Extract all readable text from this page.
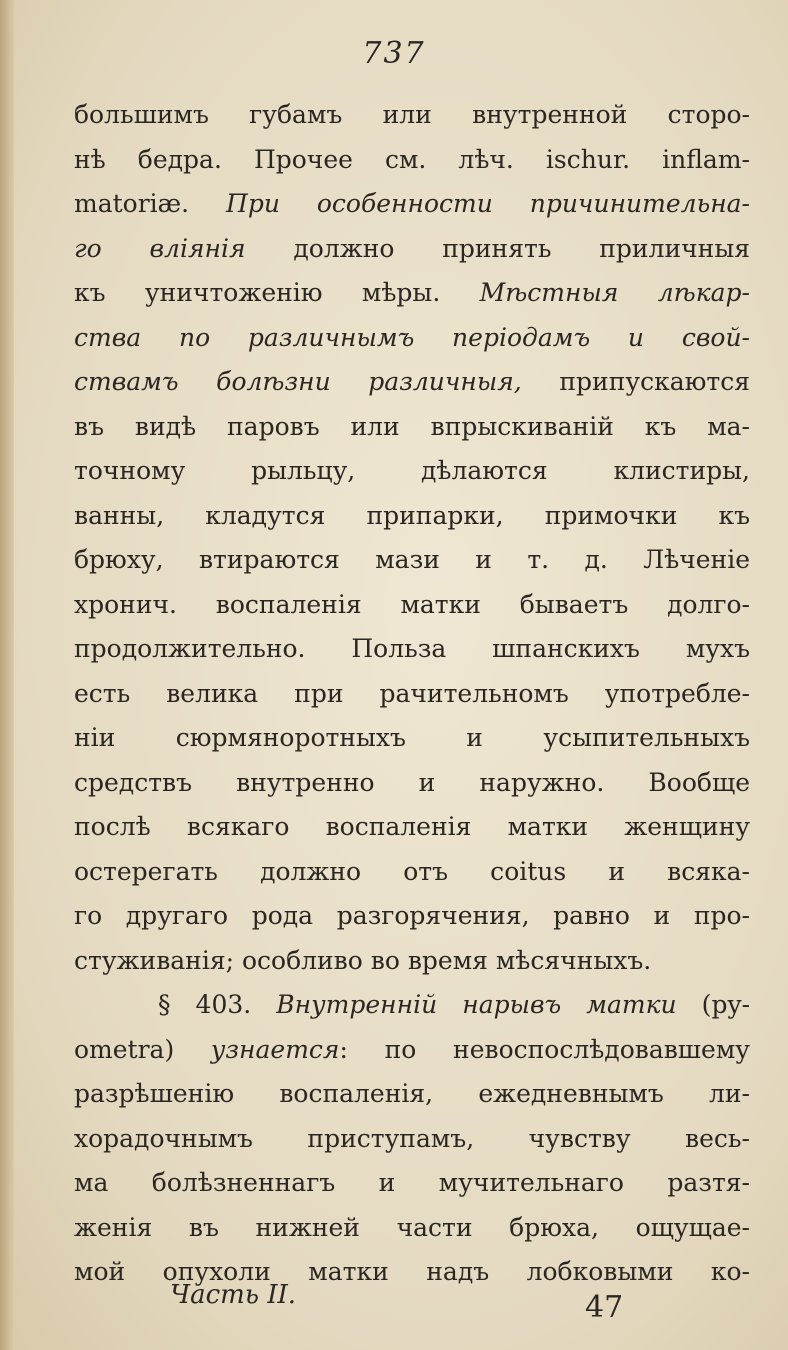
737
большимъ губамъ или внутренной сторо-
нѣ бедра. Прочее см. лѣч. ischur. inflam-
matoriæ. При особенности причинительна-
го влiянiя должно принять приличныя
къ уничтоженiю мѣры. Мѣстныя лѣкар-
ства по различнымъ перiодамъ и свой-
ствамъ болѣзни различныя, припускаются
въ видѣ паровъ или впрыскиванiй къ ма-
точному рыльцу, дѣлаются клистиры,
ванны, кладутся припарки, примочки къ
брюху, втираются мази и т. д. Лѣченiе
хронич. воспаленiя матки бываетъ долго-
продолжительно. Польза шпанскихъ мухъ
есть велика при рачительномъ употребле-
нiи сюрмяноротныхъ и усыпительныхъ
средствъ внутренно и наружно. Вообще
послѣ всякаго воспаленiя матки женщину
остерегать должно отъ coitus и всяка-
го другаго рода разгорячения, равно и про-
стуживанiя; особливо во время мѣсячныхъ.
§ 403. Внутреннiй нарывъ матки (py-
ometra) узнается: по невоспослѣдовавшему
разрѣшенiю воспаленiя, ежедневнымъ ли-
хорадочнымъ приступамъ, чувству весь-
ма болѣзненнагъ и мучительнаго разтя-
женiя въ нижней части брюха, ощущае-
мой опухоли матки надъ лобковыми ко-
Часть II.	47
